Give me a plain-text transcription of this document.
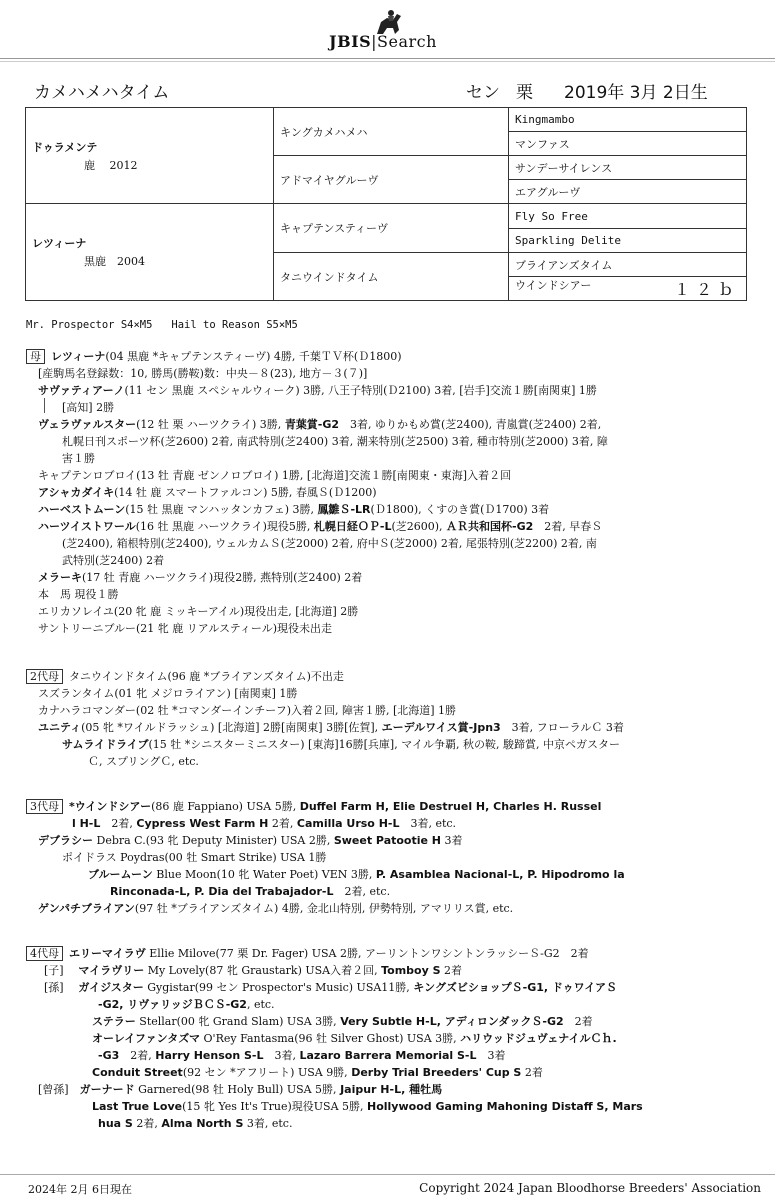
JBIS|Search
カメハメハタイム	セン 栗 2019年 3月 2日生
ドゥラメンテ
鹿　 2012	キングカメハメハ	Kingmambo
		マンファス
	アドマイヤグルーヴ	サンデーサイレンス
		エアグルーヴ

レツィーナ
黒鹿　2004	キャプテンスティーヴ	Fly So Free
		Sparkling Delite
	タニウインドタイム	ブライアンズタイム
		ウインドシアー １２ｂ
Mr. Prospector S4×M5   Hail to Reason S5×M5
母 レツィーナ(04 黒鹿 *キャプテンスティーヴ) 4勝, 千葉ＴＶ杯(Ｄ1800)
[産駒馬名登録数：10, 勝馬(勝鞍)数：中央－８(23), 地方－３(７)]
サヴァティアーノ(11 セン 黒鹿 スペシャルウィーク) 3勝, 八王子特別(Ｄ2100) 3着, [岩手]交流１勝[南関東] 1勝
[高知] 2勝
ヴェラヴァルスター(12 牡 栗 ハーツクライ) 3勝, 青葉賞-G2　3着, ゆりかもめ賞(芝2400), 青嵐賞(芝2400) 2着,
札幌日刊スポーツ杯(芝2600) 2着, 南武特別(芝2400) 3着, 潮来特別(芝2500) 3着, 種市特別(芝2000) 3着, 障
害１勝
キャプテンロブロイ(13 牡 青鹿 ゼンノロブロイ) 1勝, [北海道]交流１勝[南関東・東海]入着２回
アシャカダイキ(14 牡 鹿 スマートファルコン) 5勝, 春風Ｓ(Ｄ1200)
ハーベストムーン(15 牡 黒鹿 マンハッタンカフェ) 3勝, 鳳雛Ｓ-LR(Ｄ1800), くすのき賞(Ｄ1700) 3着
ハーツイストワール(16 牡 黒鹿 ハーツクライ)現役5勝, 札幌日経ＯＰ-L(芝2600), ＡＲ共和国杯-G2　2着, 早春Ｓ
(芝2400), 箱根特別(芝2400), ウェルカムＳ(芝2000) 2着, 府中Ｓ(芝2000) 2着, 尾張特別(芝2200) 2着, 南
武特別(芝2400) 2着
メラーキ(17 牡 青鹿 ハーツクライ)現役2勝, 燕特別(芝2400) 2着
本　馬 現役１勝
エリカソレイユ(20 牝 鹿 ミッキーアイル)現役出走, [北海道] 2勝
サントリーニブルー(21 牝 鹿 リアルスティール)現役未出走
2代母 タニウインドタイム(96 鹿 *ブライアンズタイム)不出走
スズランタイム(01 牝 メジロライアン) [南関東] 1勝
カナハラコマンダー(02 牡 *コマンダーインチーフ)入着２回, 障害１勝, [北海道] 1勝
ユニティ(05 牝 *ワイルドラッシュ) [北海道] 2勝[南関東] 3勝[佐賀], エーデルワイス賞-Jpn3　3着, フローラルＣ 3着
サムライドライブ(15 牡 *シニスターミニスター) [東海]16勝[兵庫], マイル争覇, 秋の鞍, 駿蹄賞, 中京ペガスター
Ｃ, スプリングＣ, etc.
3代母 *ウインドシアー(86 鹿 Fappiano) USA 5勝, Duffel Farm H, Elie Destruel H, Charles H. Russel
l H-L　2着, Cypress West Farm H 2着, Camilla Urso H-L　3着, etc.
デブラシー Debra C.(93 牝 Deputy Minister) USA 2勝, Sweet Patootie H 3着
ポイドラス Poydras(00 牡 Smart Strike) USA 1勝
ブルームーン Blue Moon(10 牝 Water Poet) VEN 3勝, P. Asamblea Nacional-L, P. Hipodromo la
Rinconada-L, P. Dia del Trabajador-L　2着, etc.
ゲンパチブライアン(97 牡 *ブライアンズタイム) 4勝, 金北山特別, 伊勢特別, アマリリス賞, etc.
4代母 エリーマイラヴ Ellie Milove(77 栗 Dr. Fager) USA 2勝, アーリントンワシントンラッシーＳ-G2　2着
[子]　 マイラヴリー My Lovely(87 牝 Graustark) USA入着２回, Tomboy S 2着
[孫]　 ガイジスター Gygistar(99 セン Prospector's Music) USA11勝, キングズビショップＳ-G1, ドゥワイアＳ
-G2, リヴァリッジＢＣＳ-G2, etc.
ステラー Stellar(00 牝 Grand Slam) USA 3勝, Very Subtle H-L, アディロンダックＳ-G2　2着
オーレイファンタズマ O'Rey Fantasma(96 牡 Silver Ghost) USA 3勝, ハリウッドジュヴェナイルＣｈ.
-G3　2着, Harry Henson S-L　3着, Lazaro Barrera Memorial S-L　3着
Conduit Street(92 セン *アフリート) USA 9勝, Derby Trial Breeders' Cup S 2着
[曾孫]　ガーナード Garnered(98 牡 Holy Bull) USA 5勝, Jaipur H-L, 種牡馬
Last True Love(15 牝 Yes It's True)現役USA 5勝, Hollywood Gaming Mahoning Distaff S, Mars
hua S 2着, Alma North S 3着, etc.
2024年 2月 6日現在	Copyright 2024 Japan Bloodhorse Breeders' Association
